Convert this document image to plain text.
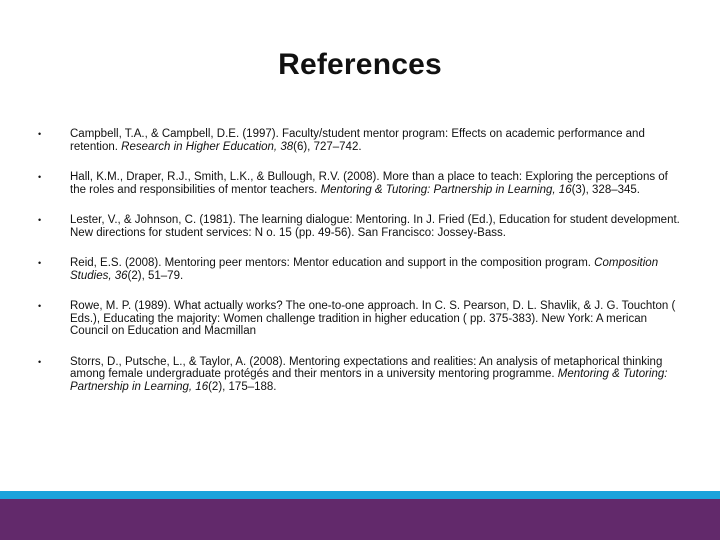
References
•	Campbell, T.A., & Campbell, D.E. (1997). Faculty/student mentor program: Effects on academic performance and retention. Research in Higher Education, 38(6), 727–742.
•	Hall, K.M., Draper, R.J., Smith, L.K., & Bullough, R.V. (2008). More than a place to teach: Exploring the perceptions of the roles and responsibilities of mentor teachers. Mentoring & Tutoring: Partnership in Learning, 16(3), 328–345.
•	Lester, V., & Johnson, C. (1981). The learning dialogue: Mentoring. In J. Fried (Ed.), Education for student development. New directions for student services: N o. 15 (pp. 49-56). San Francisco: Jossey-Bass.
•	Reid, E.S. (2008). Mentoring peer mentors: Mentor education and support in the composition program. Composition Studies, 36(2), 51–79.
•	Rowe, M. P. (1989). What actually works? The one-to-one approach. In C. S. Pearson, D. L. Shavlik, & J. G. Touchton ( Eds.), Educating the majority: Women challenge tradition in higher education ( pp. 375-383). New York: A merican Council on Education and Macmillan
•	Storrs, D., Putsche, L., & Taylor, A. (2008). Mentoring expectations and realities: An analysis of metaphorical thinking among female undergraduate protégés and their mentors in a university mentoring programme. Mentoring & Tutoring: Partnership in Learning, 16(2), 175–188.
